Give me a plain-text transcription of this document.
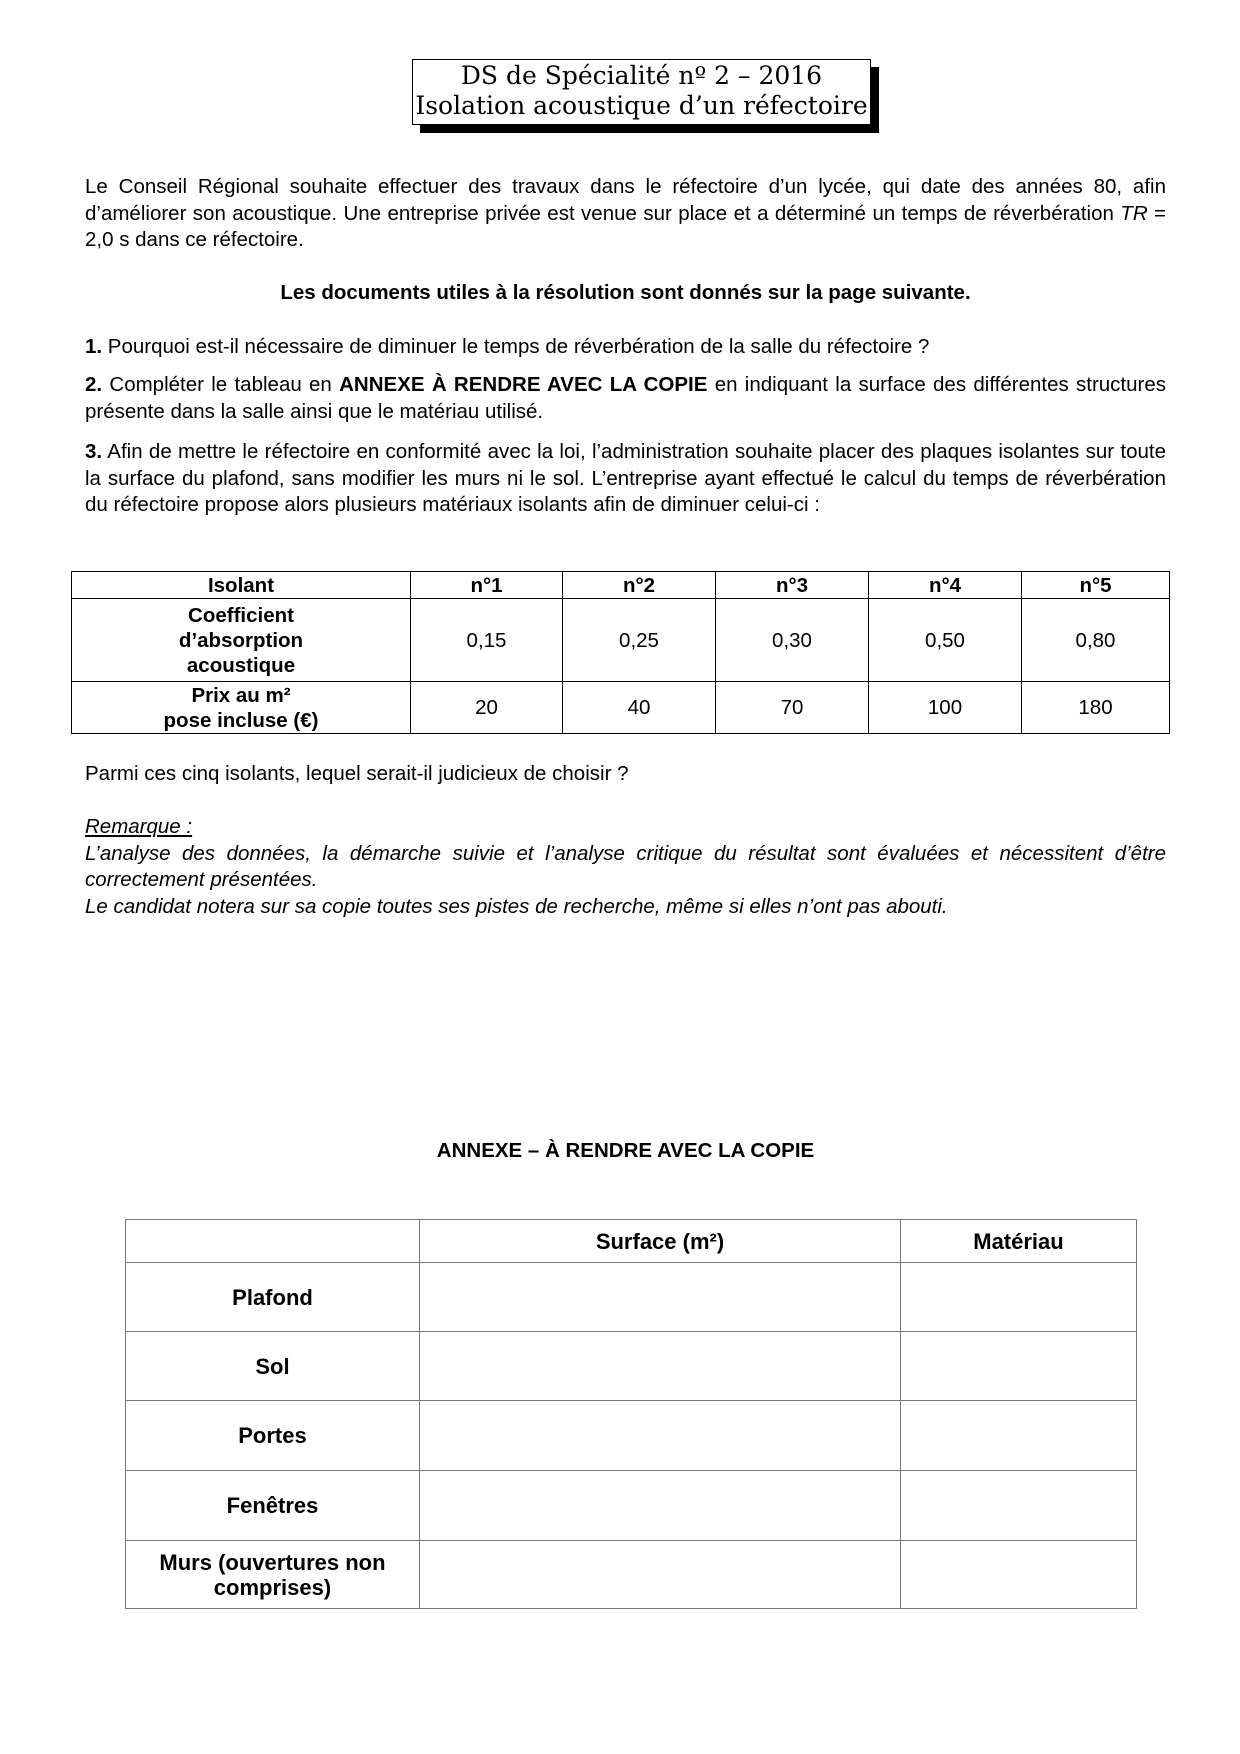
DS de Spécialité nº 2 – 2016
Isolation acoustique d’un réfectoire
Le Conseil Régional souhaite effectuer des travaux dans le réfectoire d’un lycée, qui date des années 80, afin d’améliorer son acoustique. Une entreprise privée est venue sur place et a déterminé un temps de réverbération TR = 2,0 s dans ce réfectoire.
Les documents utiles à la résolution sont donnés sur la page suivante.
1. Pourquoi est-il nécessaire de diminuer le temps de réverbération de la salle du réfectoire ?
2. Compléter le tableau en ANNEXE À RENDRE AVEC LA COPIE en indiquant la surface des différentes structures présente dans la salle ainsi que le matériau utilisé.
3. Afin de mettre le réfectoire en conformité avec la loi, l’administration souhaite placer des plaques isolantes sur toute la surface du plafond, sans modifier les murs ni le sol. L’entreprise ayant effectué le calcul du temps de réverbération du réfectoire propose alors plusieurs matériaux isolants afin de diminuer celui-ci :
Isolant	n°1	n°2	n°3	n°4	n°5

Coefficient
d’absorption
acoustique	0,15	0,25	0,30	0,50	0,80

Prix au m²
pose incluse (€)	20	40	70	100	180
Parmi ces cinq isolants, lequel serait-il judicieux de choisir ?
Remarque :
L’analyse des données, la démarche suivie et l’analyse critique du résultat sont évaluées et nécessitent d’être correctement présentées.
Le candidat notera sur sa copie toutes ses pistes de recherche, même si elles n’ont pas abouti.
ANNEXE – À RENDRE AVEC LA COPIE
	Surface (m²)	Matériau
Plafond		
Sol		
Portes		
Fenêtres		
Murs (ouvertures non comprises)		
